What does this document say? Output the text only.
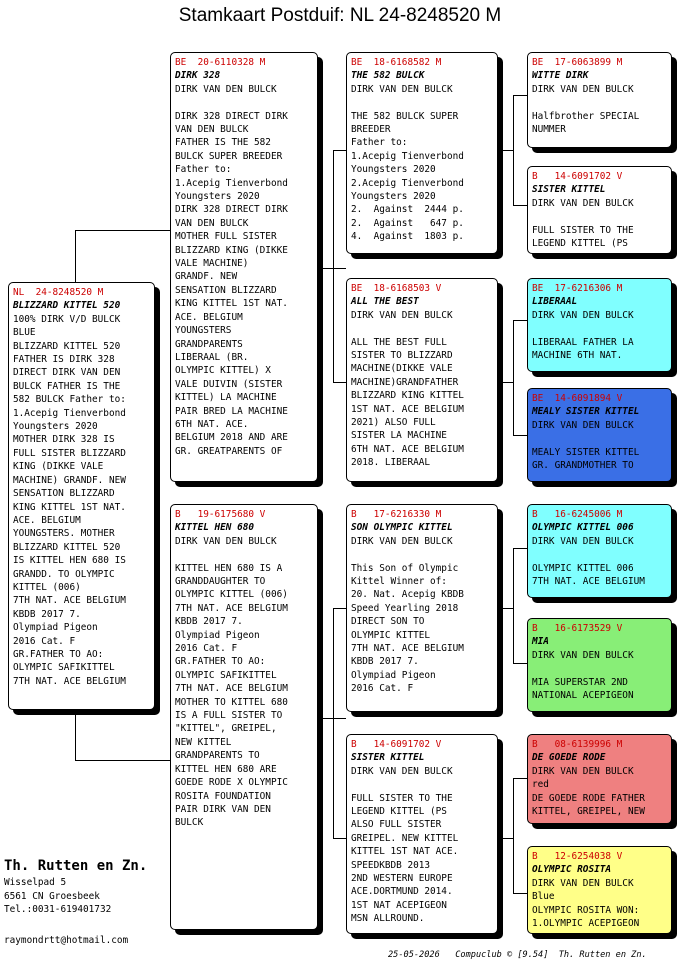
Stamkaart Postduif: NL 24-8248520 M
NL  24-8248520 M
BLIZZARD KITTEL 520
100% DIRK V/D BULCK
BLUE
BLIZZARD KITTEL 520
FATHER IS DIRK 328
DIRECT DIRK VAN DEN
BULCK FATHER IS THE
582 BULCK Father to:
1.Acepig Tienverbond
Youngsters 2020
MOTHER DIRK 328 IS
FULL SISTER BLIZZARD
KING (DIKKE VALE
MACHINE) GRANDF. NEW
SENSATION BLIZZARD
KING KITTEL 1ST NAT.
ACE. BELGIUM
YOUNGSTERS. MOTHER
BLIZZARD KITTEL 520
IS KITTEL HEN 680 IS
GRANDD. TO OLYMPIC
KITTEL (006)
7TH NAT. ACE BELGIUM
KBDB 2017 7.
Olympiad Pigeon
2016 Cat. F
GR.FATHER TO AO:
OLYMPIC SAFIKITTEL
7TH NAT. ACE BELGIUM
BE  20-6110328 M
DIRK 328
DIRK VAN DEN BULCK
DIRK 328 DIRECT DIRK
VAN DEN BULCK
FATHER IS THE 582
BULCK SUPER BREEDER
Father to:
1.Acepig Tienverbond
Youngsters 2020
DIRK 328 DIRECT DIRK
VAN DEN BULCK
MOTHER FULL SISTER
BLIZZARD KING (DIKKE
VALE MACHINE)
GRANDF. NEW
SENSATION BLIZZARD
KING KITTEL 1ST NAT.
ACE. BELGIUM
YOUNGSTERS
GRANDPARENTS
LIBERAAL (BR.
OLYMPIC KITTEL) X
VALE DUIVIN (SISTER
KITTEL) LA MACHINE
PAIR BRED LA MACHINE
6TH NAT. ACE.
BELGIUM 2018 AND ARE
GR. GREATPARENTS OF
B   19-6175680 V
KITTEL HEN 680
DIRK VAN DEN BULCK
KITTEL HEN 680 IS A
GRANDDAUGHTER TO
OLYMPIC KITTEL (006)
7TH NAT. ACE BELGIUM
KBDB 2017 7.
Olympiad Pigeon
2016 Cat. F
GR.FATHER TO AO:
OLYMPIC SAFIKITTEL
7TH NAT. ACE BELGIUM
MOTHER TO KITTEL 680
IS A FULL SISTER TO
"KITTEL", GREIPEL,
NEW KITTEL
GRANDPARENTS TO
KITTEL HEN 680 ARE
GOEDE RODE X OLYMPIC
ROSITA FOUNDATION
PAIR DIRK VAN DEN
BULCK
BE  18-6168582 M
THE 582 BULCK
DIRK VAN DEN BULCK
THE 582 BULCK SUPER
BREEDER
Father to:
1.Acepig Tienverbond
Youngsters 2020
2.Acepig Tienverbond
Youngsters 2020
2.  Against  2444 p.
2.  Against   647 p.
4.  Against  1803 p.
BE  18-6168503 V
ALL THE BEST
DIRK VAN DEN BULCK
ALL THE BEST FULL
SISTER TO BLIZZARD
MACHINE(DIKKE VALE
MACHINE)GRANDFATHER
BLIZZARD KING KITTEL
1ST NAT. ACE BELGIUM
2021) ALSO FULL
SISTER LA MACHINE
6TH NAT. ACE BELGIUM
2018. LIBERAAL
B   17-6216330 M
SON OLYMPIC KITTEL
DIRK VAN DEN BULCK
This Son of Olympic
Kittel Winner of:
20. Nat. Acepig KBDB
Speed Yearling 2018
DIRECT SON TO
OLYMPIC KITTEL
7TH NAT. ACE BELGIUM
KBDB 2017 7.
Olympiad Pigeon
2016 Cat. F
B   14-6091702 V
SISTER KITTEL
DIRK VAN DEN BULCK
FULL SISTER TO THE
LEGEND KITTEL (PS
ALSO FULL SISTER
GREIPEL. NEW KITTEL
KITTEL 1ST NAT ACE.
SPEEDKBDB 2013
2ND WESTERN EUROPE
ACE.DORTMUND 2014.
1ST NAT ACEPIGEON
MSN ALLROUND.
BE  17-6063899 M
WITTE DIRK
DIRK VAN DEN BULCK
Halfbrother SPECIAL
NUMMER
B   14-6091702 V
SISTER KITTEL
DIRK VAN DEN BULCK
FULL SISTER TO THE
LEGEND KITTEL (PS
BE  17-6216306 M
LIBERAAL
DIRK VAN DEN BULCK
LIBERAAL FATHER LA
MACHINE 6TH NAT.
BE  14-6091894 V
MEALY SISTER KITTEL
DIRK VAN DEN BULCK
MEALY SISTER KITTEL
GR. GRANDMOTHER TO
B   16-6245006 M
OLYMPIC KITTEL 006
DIRK VAN DEN BULCK
OLYMPIC KITTEL 006
7TH NAT. ACE BELGIUM
B   16-6173529 V
MIA
DIRK VAN DEN BULCK
MIA SUPERSTAR 2ND
NATIONAL ACEPIGEON
B   08-6139996 M
DE GOEDE RODE
DIRK VAN DEN BULCK
red
DE GOEDE RODE FATHER
KITTEL, GREIPEL, NEW
B   12-6254038 V
OLYMPIC ROSITA
DIRK VAN DEN BULCK
Blue
OLYMPIC ROSITA WON:
1.OLYMPIC ACEPIGEON
Th. Rutten en Zn.
Wisselpad 5
6561 CN Groesbeek
Tel.:0031-619401732
raymondrtt@hotmail.com
25-05-2026   Compuclub © [9.54]  Th. Rutten en Zn.
